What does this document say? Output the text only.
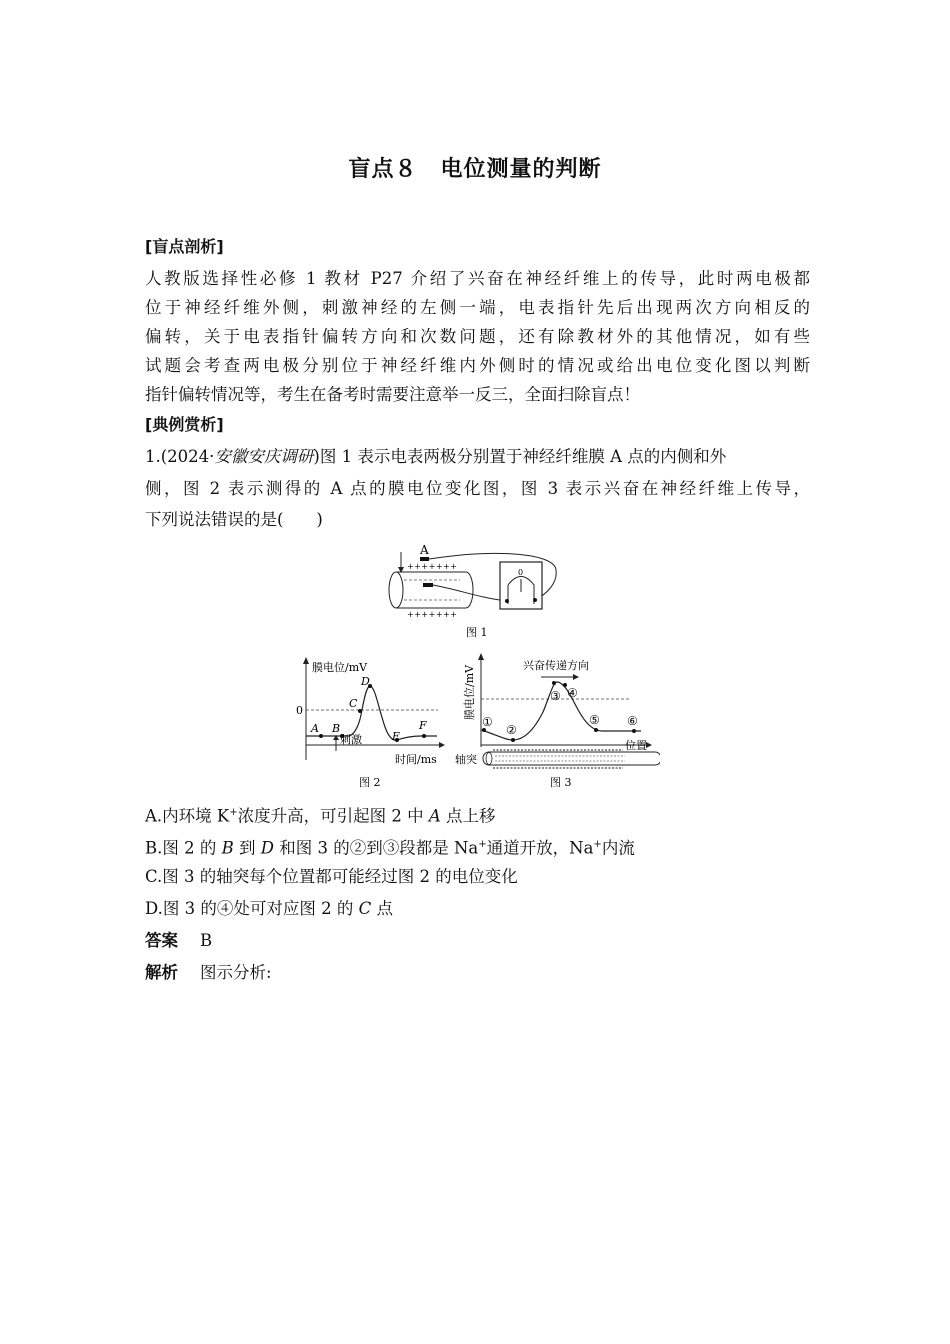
盲点８　电位测量的判断
[盲点剖析]
人教版选择性必修 1 教材 P27 介绍了兴奋在神经纤维上的传导，此时两电极都
位于神经纤维外侧，刺激神经的左侧一端，电表指针先后出现两次方向相反的
偏转，关于电表指针偏转方向和次数问题，还有除教材外的其他情况，如有些
试题会考查两电极分别位于神经纤维内外侧时的情况或给出电位变化图以判断
指针偏转情况等，考生在备考时需要注意举一反三，全面扫除盲点！
[典例赏析]
1.(2024·安徽安庆调研)图 1 表示电表两极分别置于神经纤维膜 A 点的内侧和外
侧，图 2 表示测得的 A 点的膜电位变化图，图 3 表示兴奋在神经纤维上传导，
下列说法错误的是(　　)
A
+++++++
+++++++
0
图 1
膜电位/mV
0
A B
C
D
E
F
刺激
时间/ms
图 2
膜电位/mV	兴奋传递方向
①
②
③ ④
⑤ ⑥
位置
轴突
图 3
A.内环境 K+浓度升高，可引起图 2 中 A 点上移
B.图 2 的 B 到 D 和图 3 的②到③段都是 Na+通道开放，Na+内流
C.图 3 的轴突每个位置都可能经过图 2 的电位变化
D.图 3 的④处可对应图 2 的 C 点
答案 B
解析 图示分析:
